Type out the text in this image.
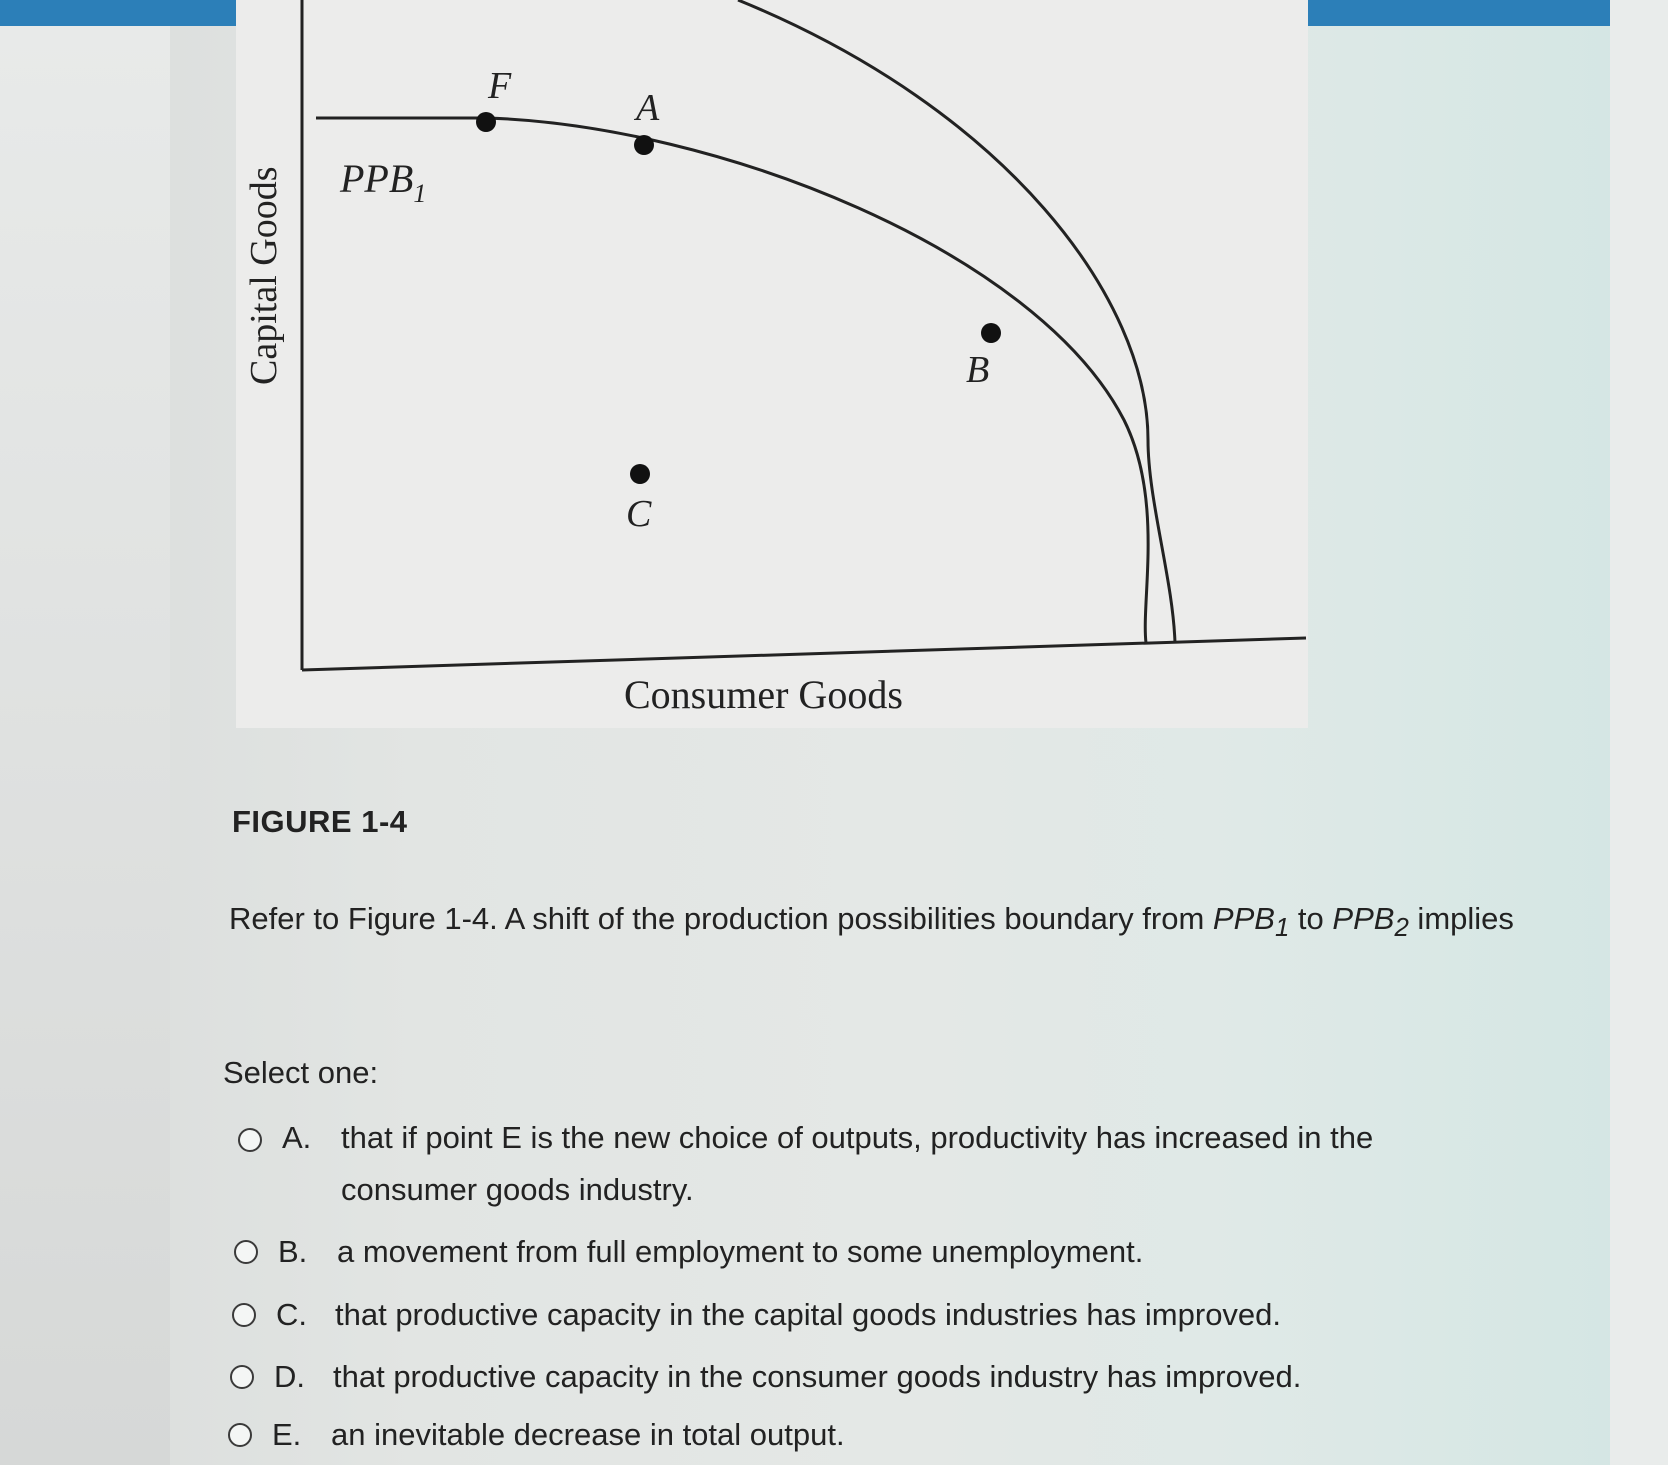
F
A
B
C
$PPB_1$
Capital Goods
Consumer Goods
FIGURE 1-4
Refer to Figure 1-4. A shift of the production possibilities boundary from $PPB_1$ to $PPB_2$ implies
Select one:
A. that if point E is the new choice of outputs, productivity has increased in the consumer goods industry.
B. a movement from full employment to some unemployment.
C. that productive capacity in the capital goods industries has improved.
D. that productive capacity in the consumer goods industry has improved.
E. an inevitable decrease in total output.
